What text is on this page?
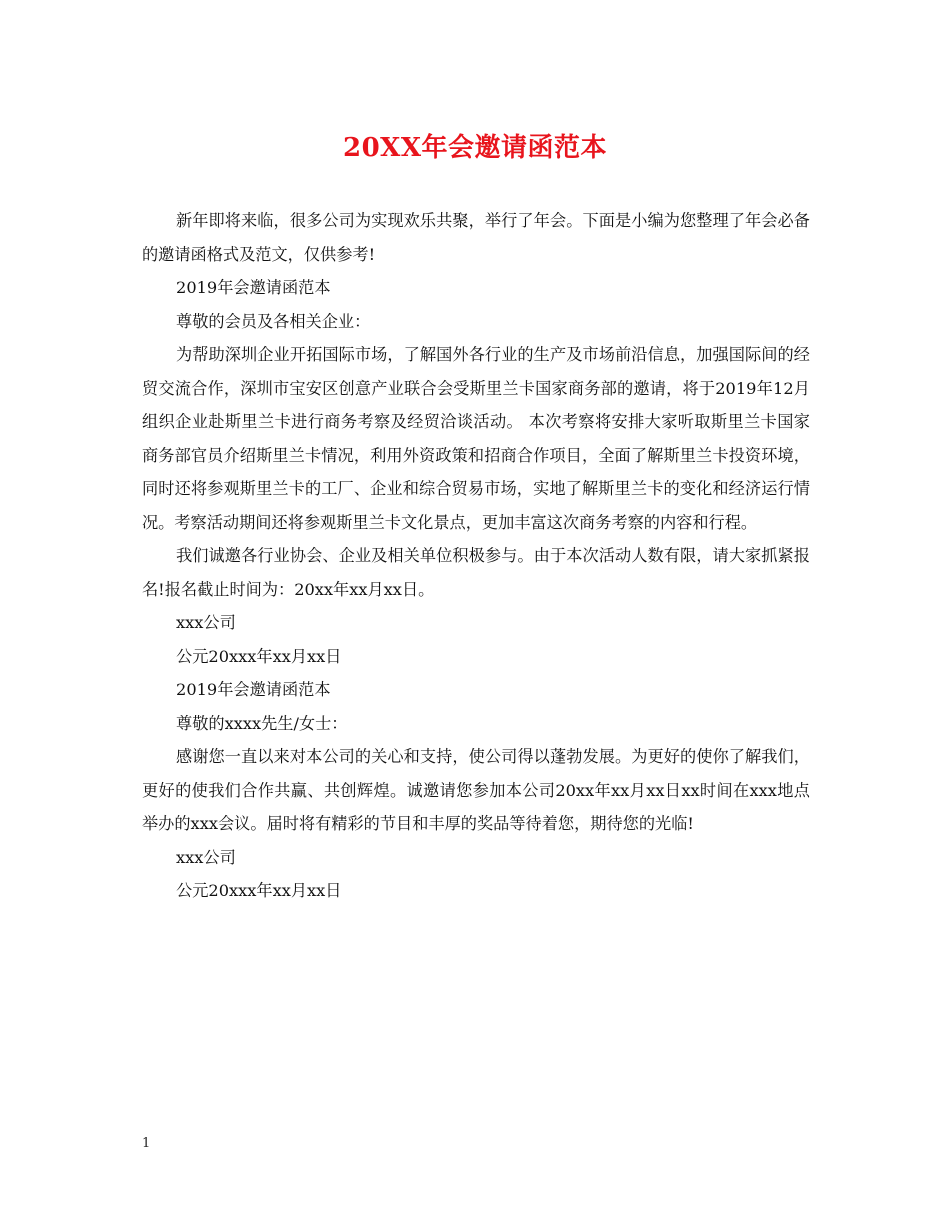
20XX年会邀请函范本

新年即将来临，很多公司为实现欢乐共聚，举行了年会。下面是小编为您整理了年会必备的邀请函格式及范文，仅供参考!

2019年会邀请函范本

尊敬的会员及各相关企业：

为帮助深圳企业开拓国际市场，了解国外各行业的生产及市场前沿信息，加强国际间的经贸交流合作，深圳市宝安区创意产业联合会受斯里兰卡国家商务部的邀请，将于2019年12月组织企业赴斯里兰卡进行商务考察及经贸洽谈活动。 本次考察将安排大家听取斯里兰卡国家商务部官员介绍斯里兰卡情况，利用外资政策和招商合作项目，全面了解斯里兰卡投资环境，同时还将参观斯里兰卡的工厂、企业和综合贸易市场，实地了解斯里兰卡的变化和经济运行情况。考察活动期间还将参观斯里兰卡文化景点，更加丰富这次商务考察的内容和行程。

我们诚邀各行业协会、企业及相关单位积极参与。由于本次活动人数有限，请大家抓紧报名!报名截止时间为：20xx年xx月xx日。

xxx公司

公元20xxx年xx月xx日

2019年会邀请函范本

尊敬的xxxx先生/女士：

感谢您一直以来对本公司的关心和支持，使公司得以蓬勃发展。为更好的使你了解我们，更好的使我们合作共赢、共创辉煌。诚邀请您参加本公司20xx年xx月xx日xx时间在xxx地点举办的xxx会议。届时将有精彩的节目和丰厚的奖品等待着您，期待您的光临!

xxx公司

公元20xxx年xx月xx日

1
